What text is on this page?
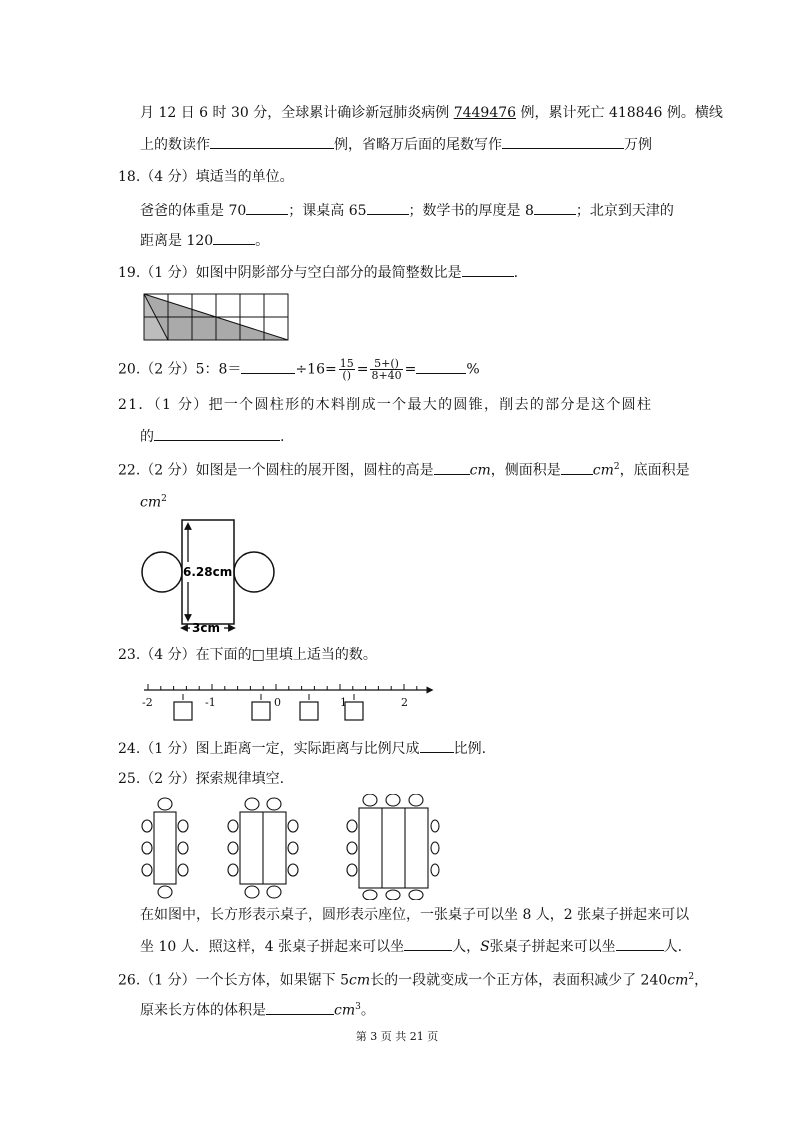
月 12 日 6 时 30 分，全球累计确诊新冠肺炎病例 7449476 例，累计死亡 418846 例。横线
上的数读作	例，省略万后面的尾数写作	万例
18.（4 分）填适当的单位。
爸爸的体重是 70	；课桌高 65	；数学书的厚度是 8	；北京到天津的
距离是 120	。
19.（1 分）如图中阴影部分与空白部分的最简整数比是	.
20.（2 分）5：8＝	$\div 16= \frac{15}{()} = \frac{5+()}{8+40}$ =	%
21．（1 分）把一个圆柱形的木料削成一个最大的圆锥，削去的部分是这个圆柱
的	.
22.（2 分）如图是一个圆柱的展开图，圆柱的高是	cm，侧面积是 $cm^2$，底面积是
$cm^2$
6.28cm
3cm
23.（4 分）在下面的□里填上适当的数。
-2	-1	0	1	2
24.（1 分）图上距离一定，实际距离与比例尺成 比例.
25.（2 分）探索规律填空.
在如图中，长方形表示桌子，圆形表示座位，一张桌子可以坐 8 人，2 张桌子拼起来可以
坐 10 人．照这样，4 张桌子拼起来可以坐	人，S张桌子拼起来可以坐	人.
26.（1 分）一个长方体，如果锯下 5cm长的一段就变成一个正方体，表面积减少了 $240cm^2$，
原来长方体的体积是	$cm^3$。
第 3 页 共 21 页
